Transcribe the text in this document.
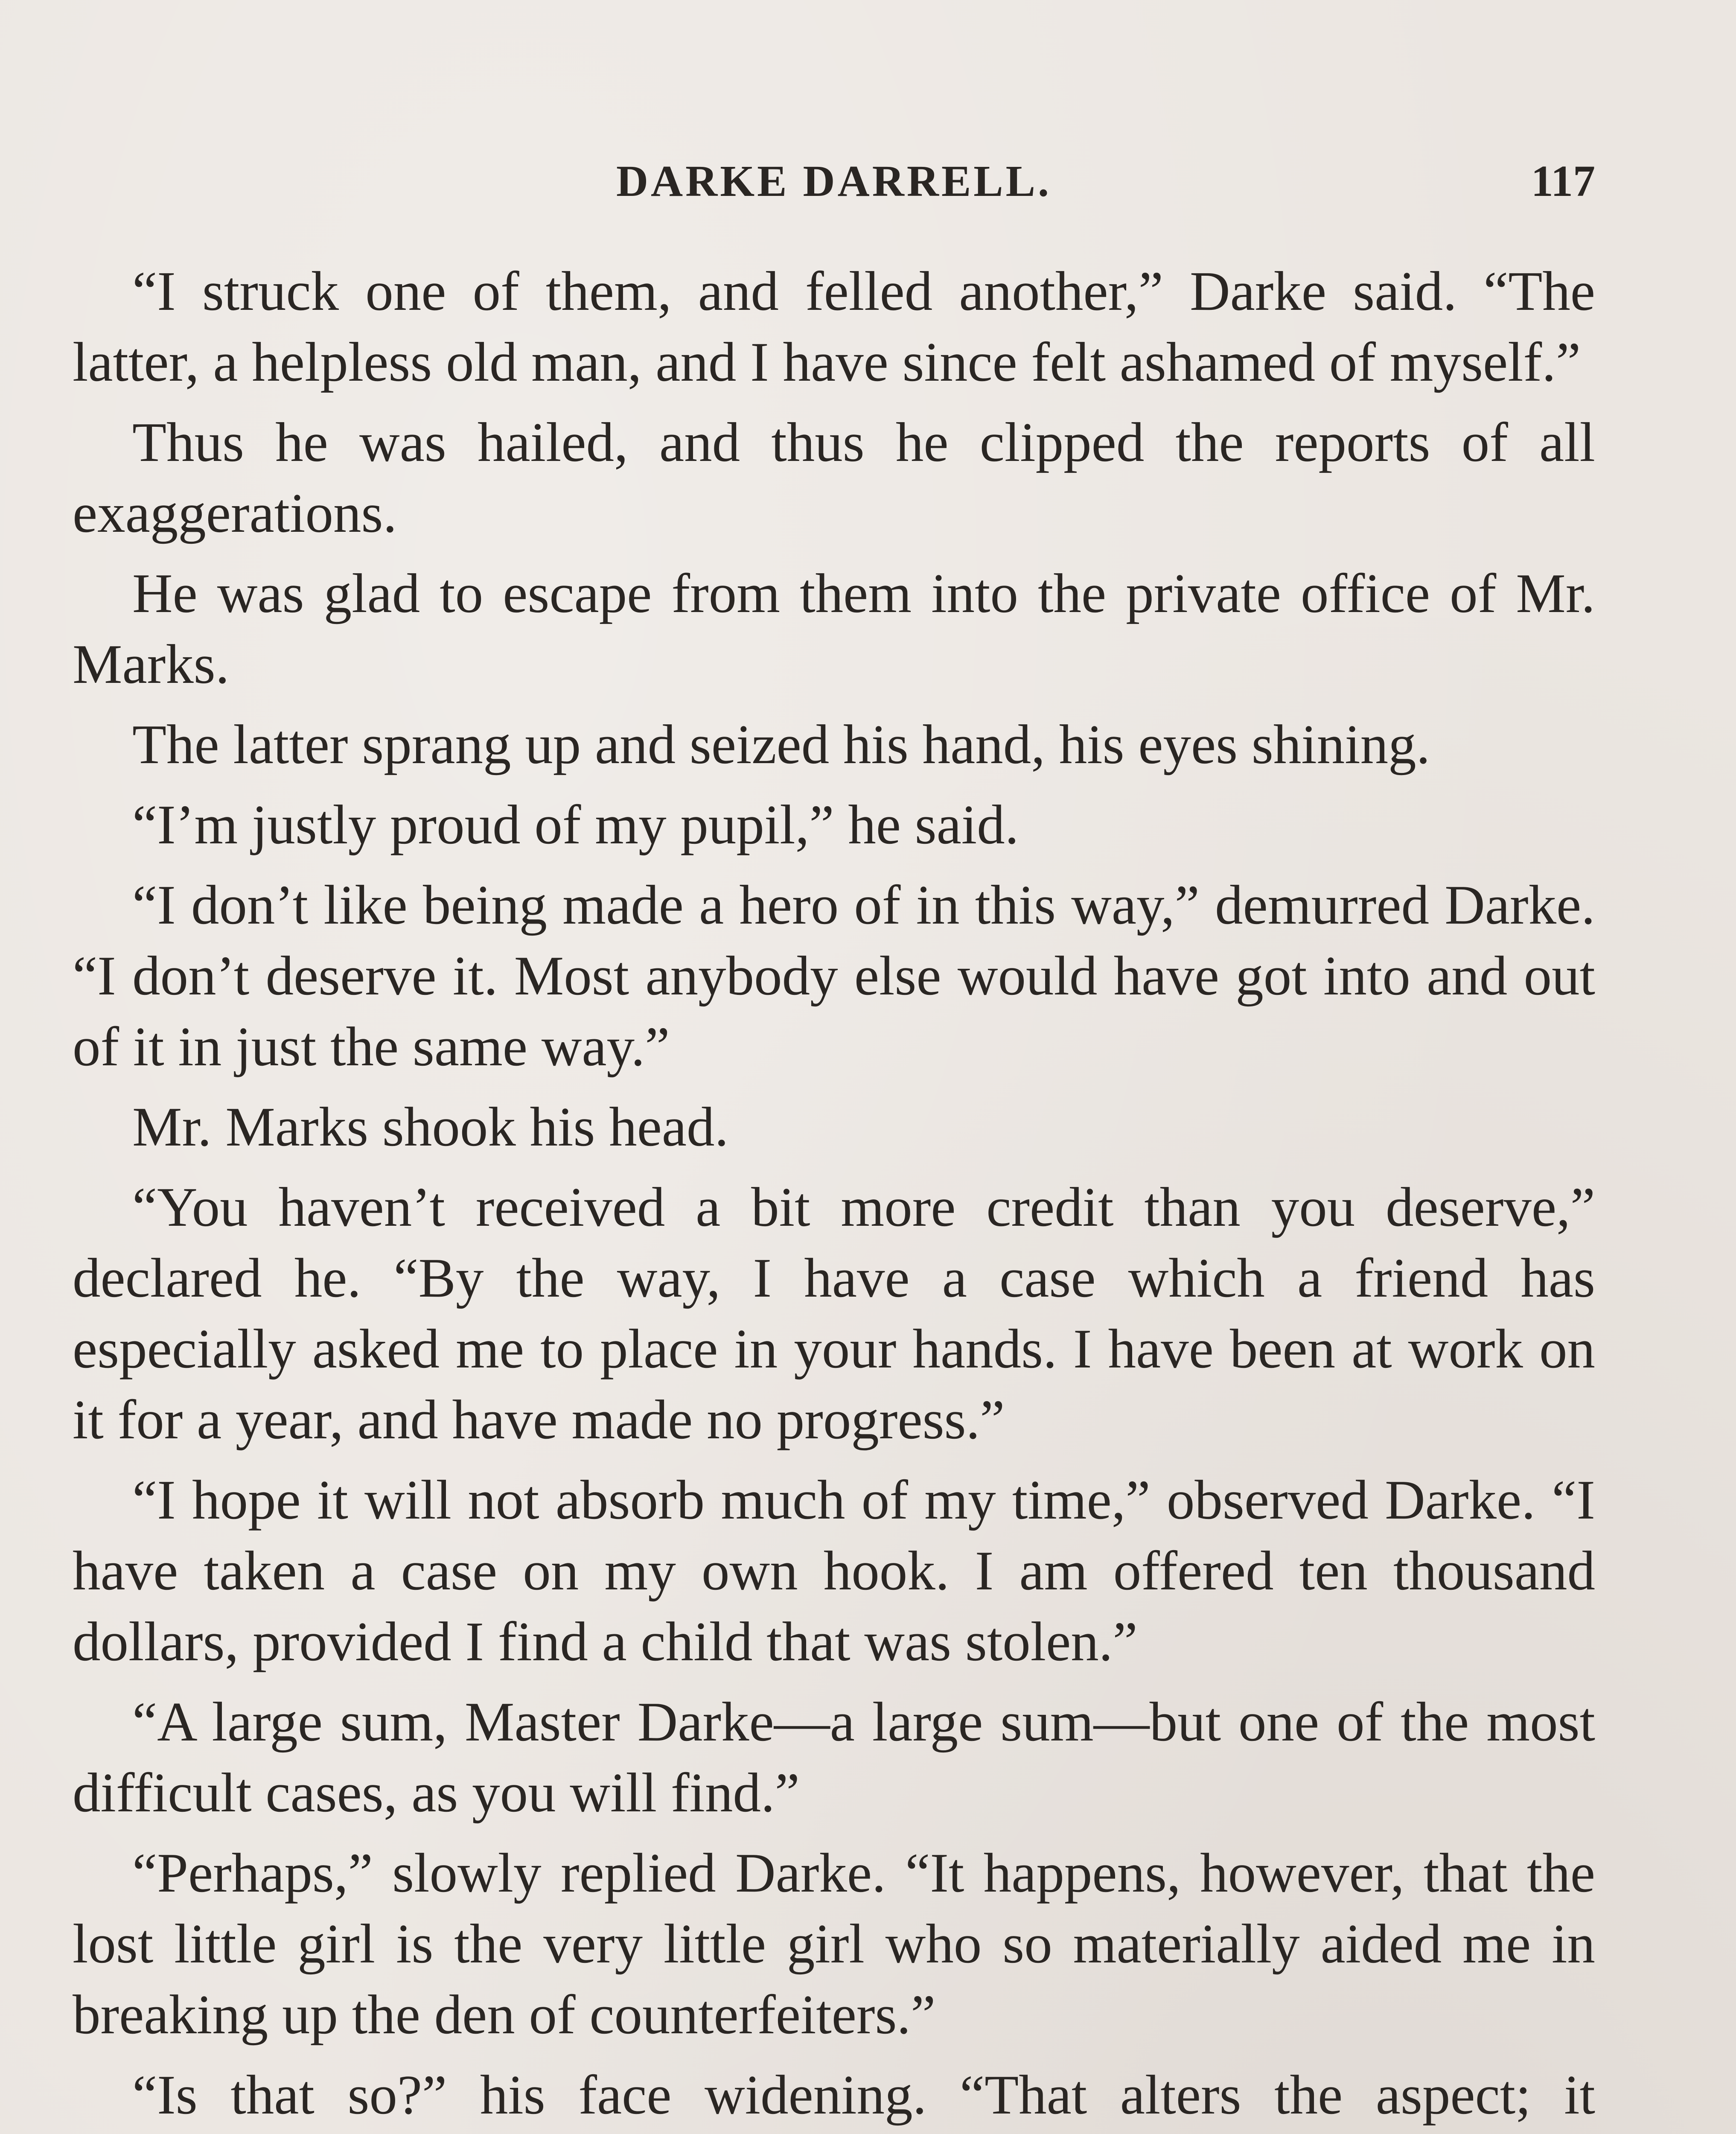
DARKE DARRELL.	117

“I struck one of them, and felled another,” Darke said. “The latter, a helpless old man, and I have since felt ashamed of myself.”

Thus he was hailed, and thus he clipped the reports of all exaggerations.

He was glad to escape from them into the private office of Mr. Marks.

The latter sprang up and seized his hand, his eyes shining.

“I’m justly proud of my pupil,” he said.

“I don’t like being made a hero of in this way,” demurred Darke. “I don’t deserve it. Most anybody else would have got into and out of it in just the same way.”

Mr. Marks shook his head.

“You haven’t received a bit more credit than you deserve,” declared he. “By the way, I have a case which a friend has especially asked me to place in your hands. I have been at work on it for a year, and have made no progress.”

“I hope it will not absorb much of my time,” observed Darke. “I have taken a case on my own hook. I am offered ten thousand dollars, provided I find a child that was stolen.”

“A large sum, Master Darke—a large sum—but one of the most difficult cases, as you will find.”

“Perhaps,” slowly replied Darke. “It happens, however, that the lost little girl is the very little girl who so materially aided me in breaking up the den of counterfeiters.”

“Is that so?” his face widening. “That alters the aspect; it
